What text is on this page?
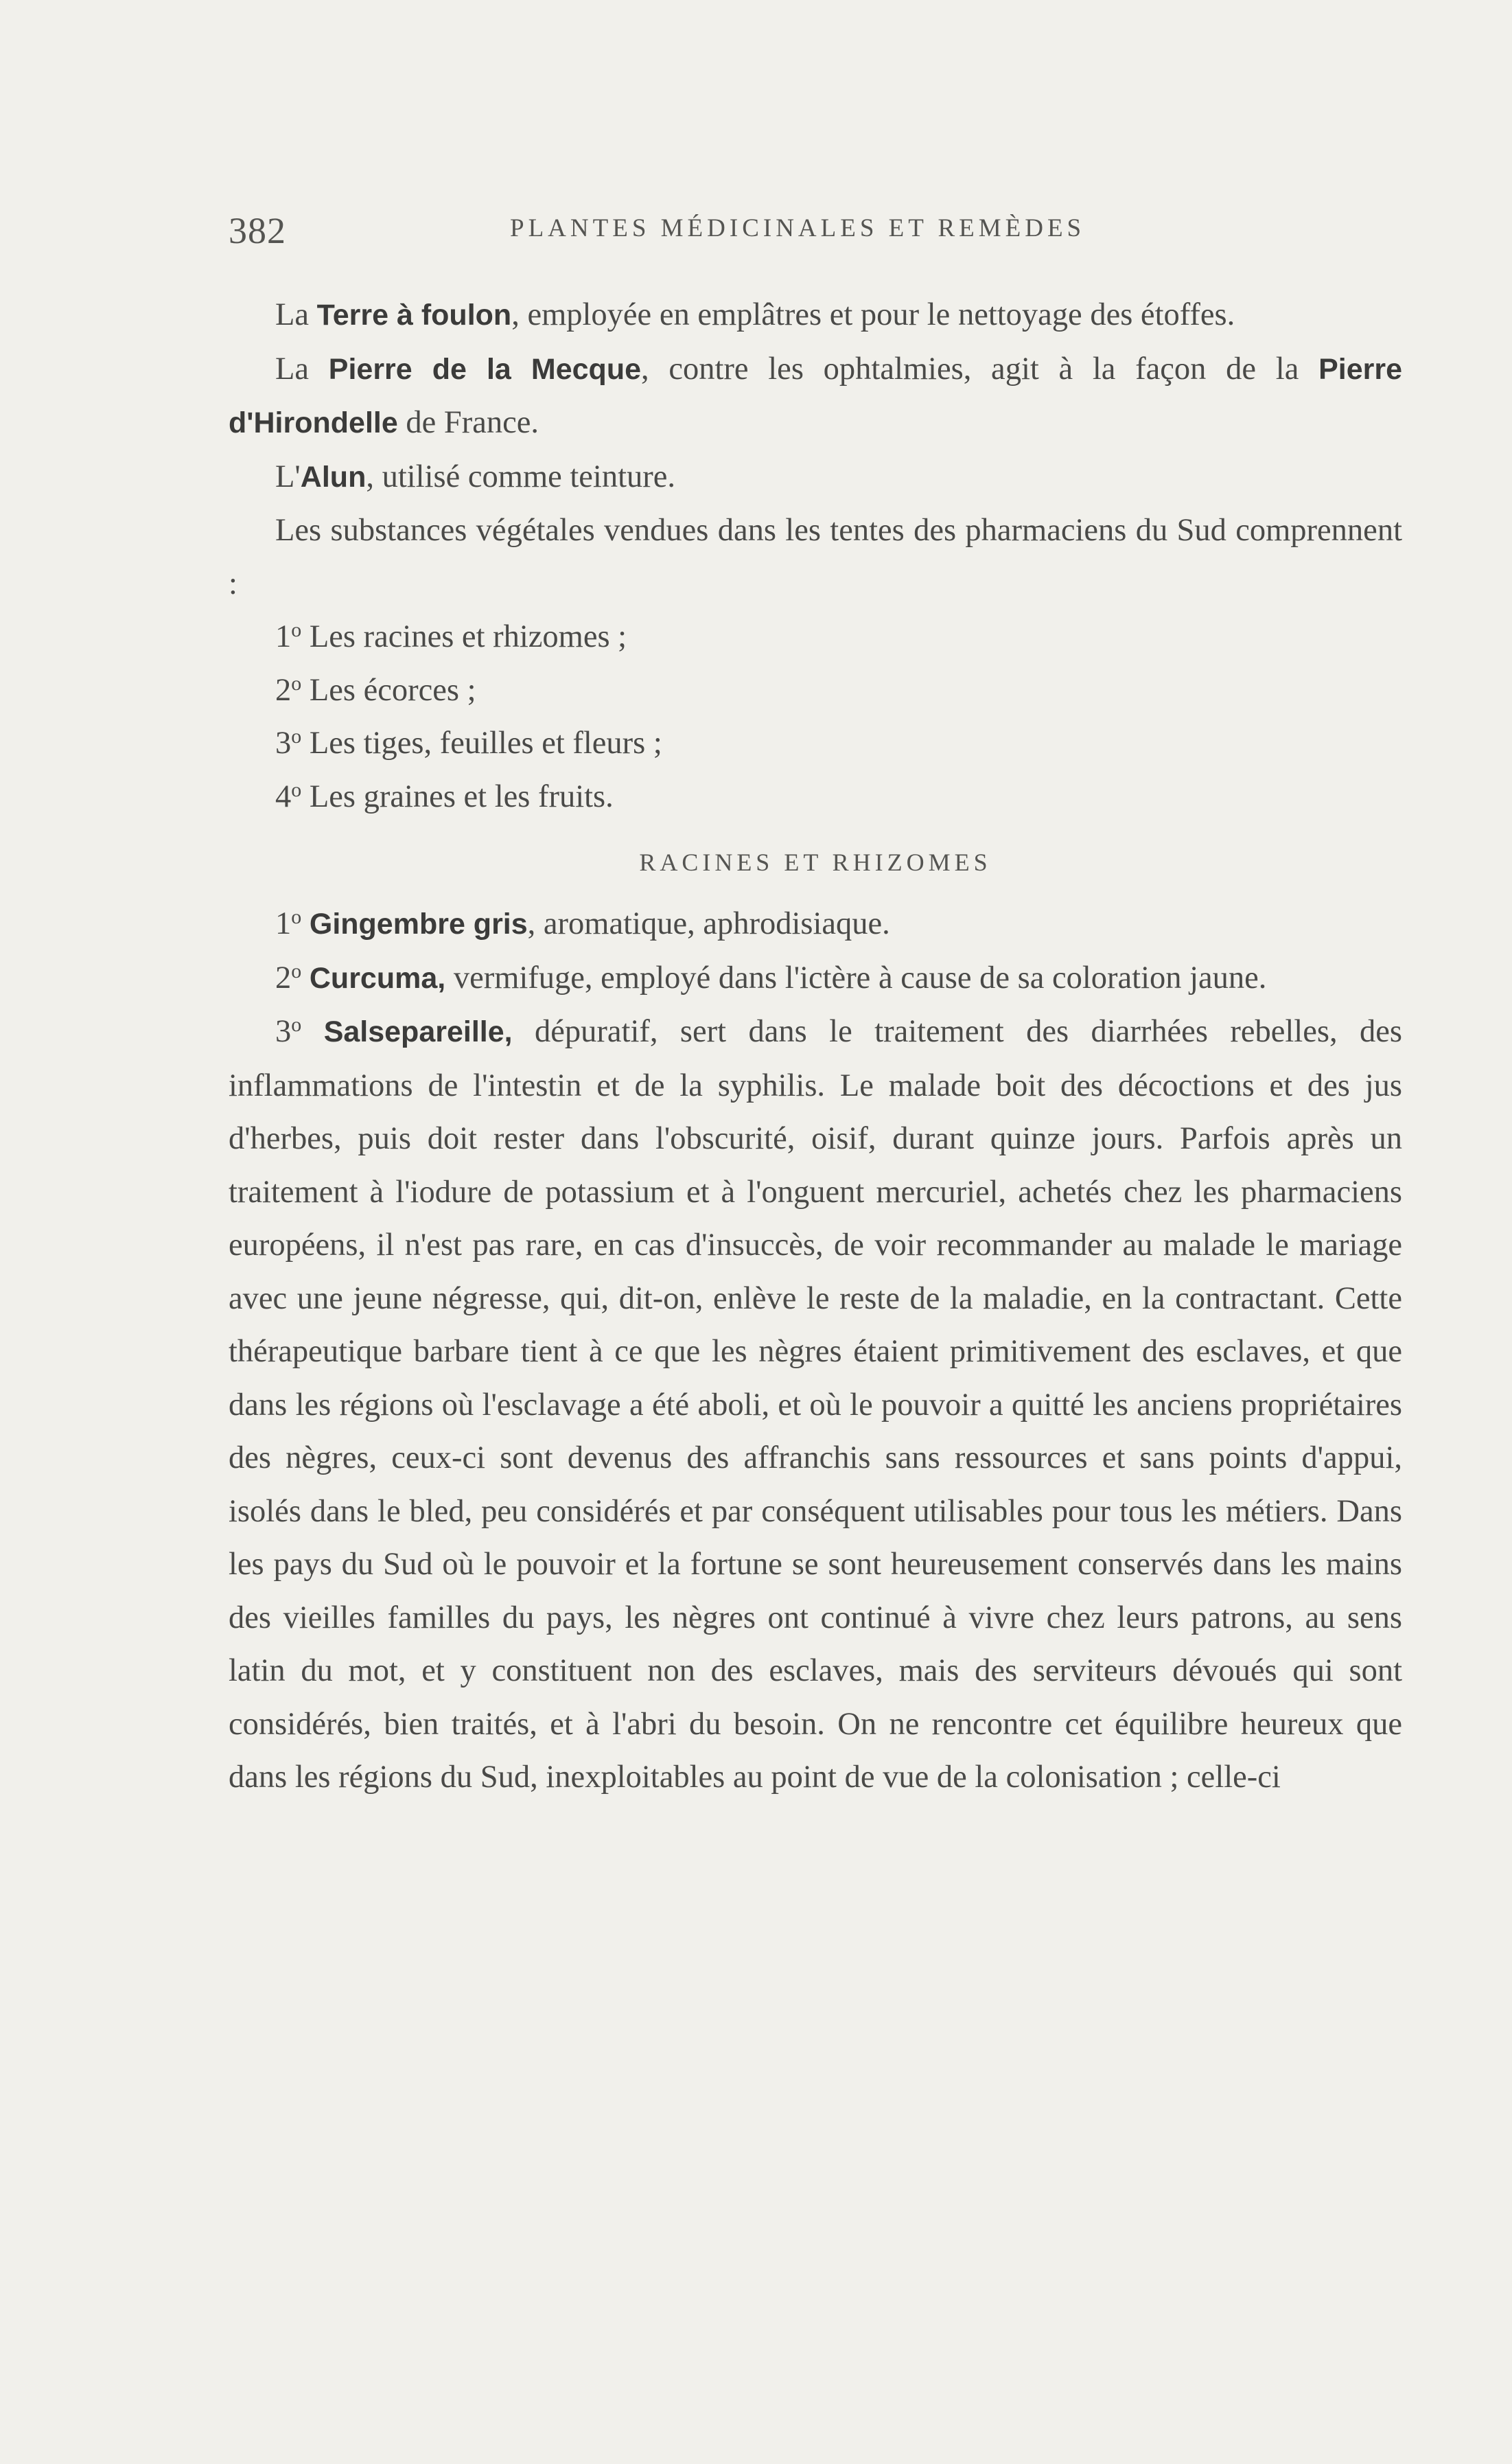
382	PLANTES MÉDICINALES ET REMÈDES

La Terre à foulon, employée en emplâtres et pour le nettoyage des étoffes.

La Pierre de la Mecque, contre les ophtalmies, agit à la façon de la Pierre d'Hirondelle de France.

L'Alun, utilisé comme teinture.

Les substances végétales vendues dans les tentes des pharmaciens du Sud comprennent :

1$^o$ Les racines et rhizomes ;

2$^o$ Les écorces ;

3$^o$ Les tiges, feuilles et fleurs ;

4$^o$ Les graines et les fruits.

RACINES ET RHIZOMES

1$^o$ Gingembre gris, aromatique, aphrodisiaque.

2$^o$ Curcuma, vermifuge, employé dans l'ictère à cause de sa coloration jaune.

3$^o$ Salsepareille, dépuratif, sert dans le traitement des diarrhées rebelles, des inflammations de l'intestin et de la syphilis. Le malade boit des décoctions et des jus d'herbes, puis doit rester dans l'obscurité, oisif, durant quinze jours. Parfois après un traitement à l'iodure de potassium et à l'onguent mercuriel, achetés chez les pharmaciens européens, il n'est pas rare, en cas d'insuccès, de voir recommander au malade le mariage avec une jeune négresse, qui, dit-on, enlève le reste de la maladie, en la contractant. Cette thérapeutique barbare tient à ce que les nègres étaient primitivement des esclaves, et que dans les régions où l'esclavage a été aboli, et où le pouvoir a quitté les anciens propriétaires des nègres, ceux-ci sont devenus des affranchis sans ressources et sans points d'appui, isolés dans le bled, peu considérés et par conséquent utilisables pour tous les métiers. Dans les pays du Sud où le pouvoir et la fortune se sont heureusement conservés dans les mains des vieilles familles du pays, les nègres ont continué à vivre chez leurs patrons, au sens latin du mot, et y constituent non des esclaves, mais des serviteurs dévoués qui sont considérés, bien traités, et à l'abri du besoin. On ne rencontre cet équilibre heureux que dans les régions du Sud, inexploitables au point de vue de la colonisation ; celle-ci
